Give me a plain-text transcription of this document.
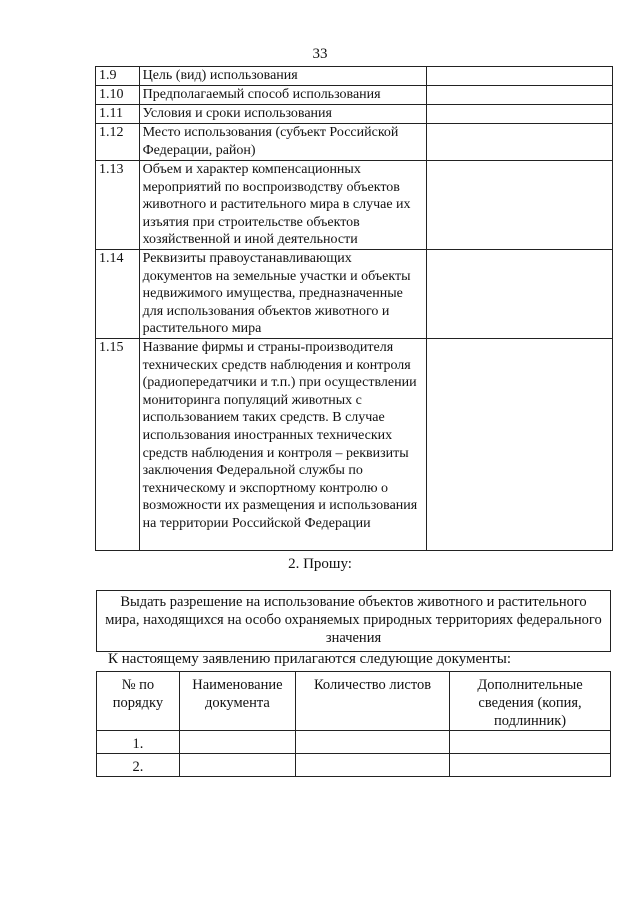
33
1.9	Цель (вид) использования	
1.10	Предполагаемый способ использования	
1.11	Условия и сроки использования	
1.12	Место использования (субъект Российской Федерации, район)	
1.13	Объем и характер компенсационных мероприятий по воспроизводству объектов животного и растительного мира в случае их изъятия при строительстве объектов хозяйственной и иной деятельности	
1.14	Реквизиты правоустанавливающих документов на земельные участки и объекты недвижимого имущества, предназначенные для использования объектов животного и растительного мира	
1.15	Название фирмы и страны-производителя технических средств наблюдения и контроля (радиопередатчики и т.п.) при осуществлении мониторинга популяций животных с использованием таких средств. В случае использования иностранных технических средств наблюдения и контроля – реквизиты заключения Федеральной службы по техническому и экспортному контролю о возможности их размещения и использования на территории Российской Федерации	
2. Прошу:
Выдать разрешение на использование объектов животного и растительного мира, находящихся на особо охраняемых природных территориях федерального значения
К настоящему заявлению прилагаются следующие документы:
№ по порядку	Наименование документа	Количество листов	Дополнительные сведения (копия, подлинник)
1.			
2.			
